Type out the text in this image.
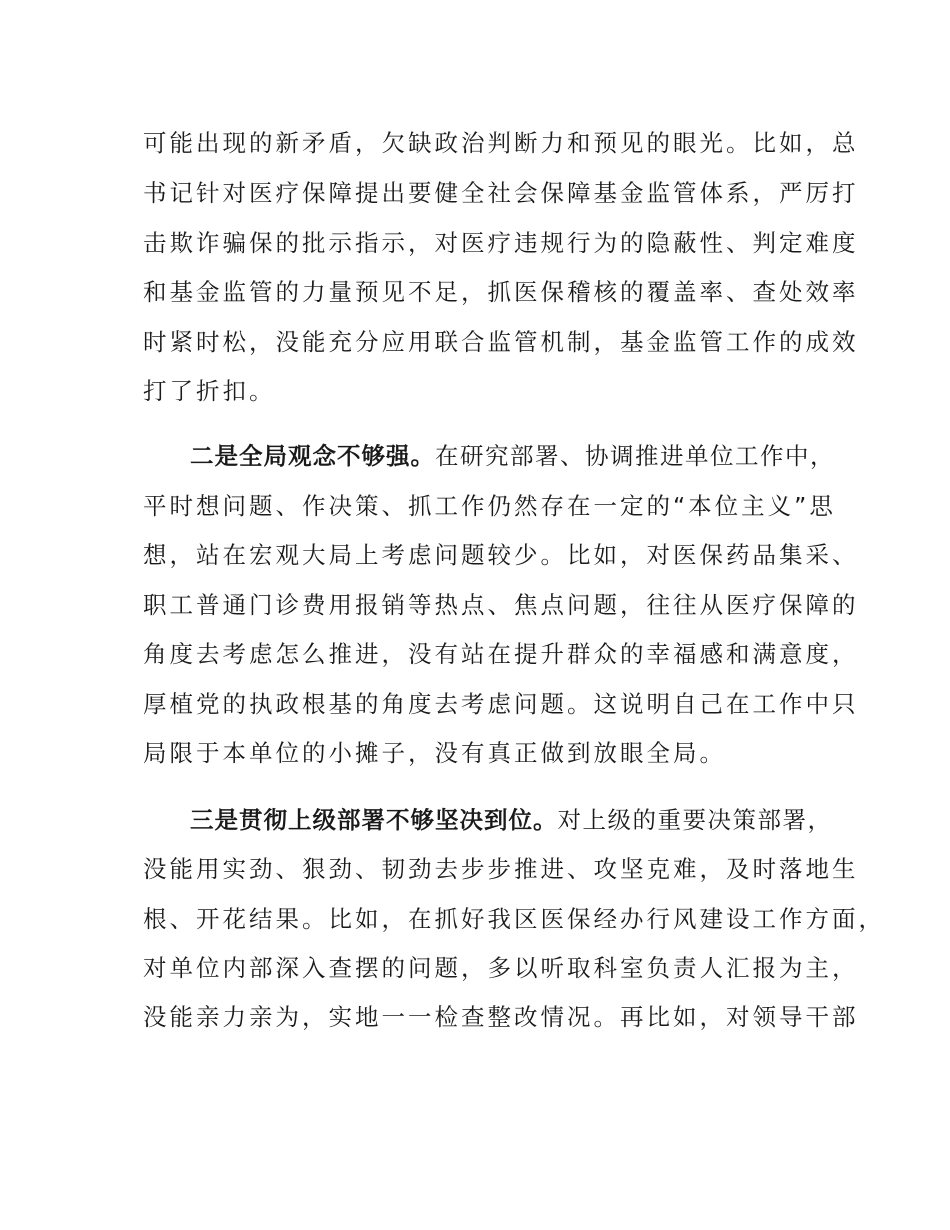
可能出现的新矛盾，欠缺政治判断力和预见的眼光。比如，总
书记针对医疗保障提出要健全社会保障基金监管体系，严厉打
击欺诈骗保的批示指示，对医疗违规行为的隐蔽性、判定难度
和基金监管的力量预见不足，抓医保稽核的覆盖率、查处效率
时紧时松，没能充分应用联合监管机制，基金监管工作的成效
打了折扣。
二是全局观念不够强。在研究部署、协调推进单位工作中，
平时想问题、作决策、抓工作仍然存在一定的“本位主义”思
想，站在宏观大局上考虑问题较少。比如，对医保药品集采、
职工普通门诊费用报销等热点、焦点问题，往往从医疗保障的
角度去考虑怎么推进，没有站在提升群众的幸福感和满意度，
厚植党的执政根基的角度去考虑问题。这说明自己在工作中只
局限于本单位的小摊子，没有真正做到放眼全局。
三是贯彻上级部署不够坚决到位。对上级的重要决策部署，
没能用实劲、狠劲、韧劲去步步推进、攻坚克难，及时落地生
根、开花结果。比如，在抓好我区医保经办行风建设工作方面，
对单位内部深入查摆的问题，多以听取科室负责人汇报为主，
没能亲力亲为，实地一一检查整改情况。再比如，对领导干部
